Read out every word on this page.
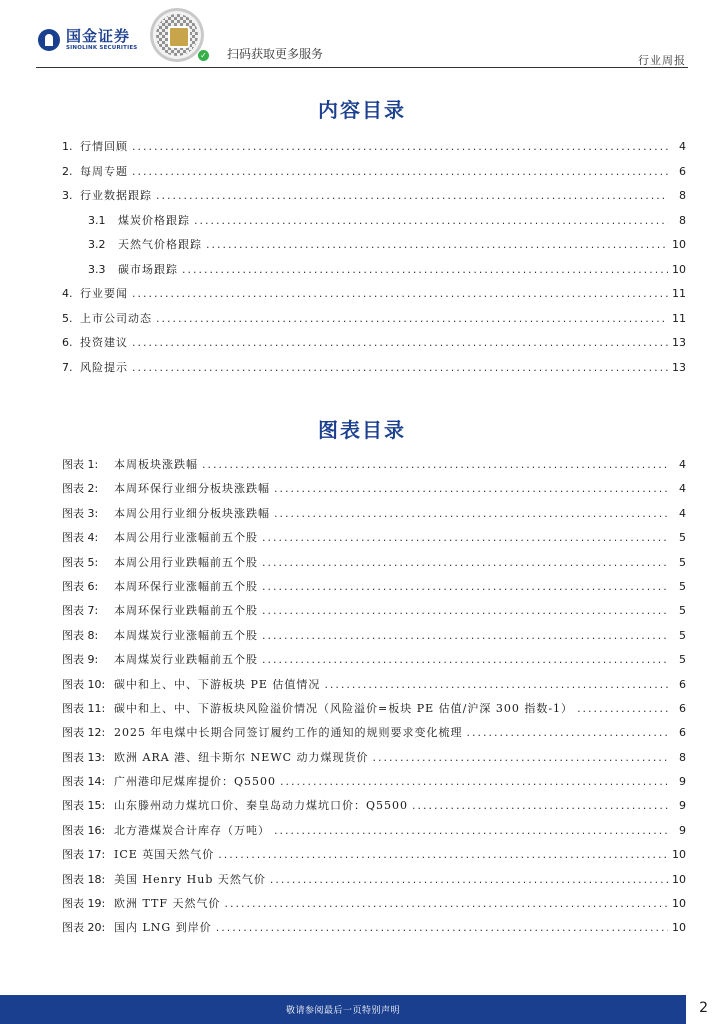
国金证券
SINOLINK SECURITIES
✓ 扫码获取更多服务	行业周报
内容目录
1. 行情回顾 .....	4
2. 每周专题 .....	6
3. 行业数据跟踪 .....	8
3.1	煤炭价格跟踪 .....	8
3.2	天然气价格跟踪 .....	10
3.3	碳市场跟踪 .....	10
4. 行业要闻 .....	11
5. 上市公司动态 .....	11
6. 投资建议 .....	13
7. 风险提示 .....	13
图表目录
图表 1:	本周板块涨跌幅 .....	4
图表 2:	本周环保行业细分板块涨跌幅 .....	4
图表 3:	本周公用行业细分板块涨跌幅 .....	4
图表 4:	本周公用行业涨幅前五个股 .....	5
图表 5:	本周公用行业跌幅前五个股 .....	5
图表 6:	本周环保行业涨幅前五个股 .....	5
图表 7:	本周环保行业跌幅前五个股 .....	5
图表 8:	本周煤炭行业涨幅前五个股 .....	5
图表 9:	本周煤炭行业跌幅前五个股 .....	5
图表 10: 碳中和上、中、下游板块 PE 估值情况 .....	6
图表 11: 碳中和上、中、下游板块风险溢价情况（风险溢价=板块 PE 估值/沪深 300 指数-1） .....	6
图表 12: 2025 年电煤中长期合同签订履约工作的通知的规则要求变化梳理 .....	6
图表 13: 欧洲 ARA 港、纽卡斯尔 NEWC 动力煤现货价 .....	8
图表 14: 广州港印尼煤库提价：Q5500 .....	9
图表 15: 山东滕州动力煤坑口价、秦皇岛动力煤坑口价：Q5500 .....	9
图表 16: 北方港煤炭合计库存（万吨） .....	9
图表 17: ICE 英国天然气价 .....	10
图表 18: 美国 Henry Hub 天然气价 .....	10
图表 19: 欧洲 TTF 天然气价 .....	10
图表 20: 国内 LNG 到岸价 .....	10
敬请参阅最后一页特别声明	2
